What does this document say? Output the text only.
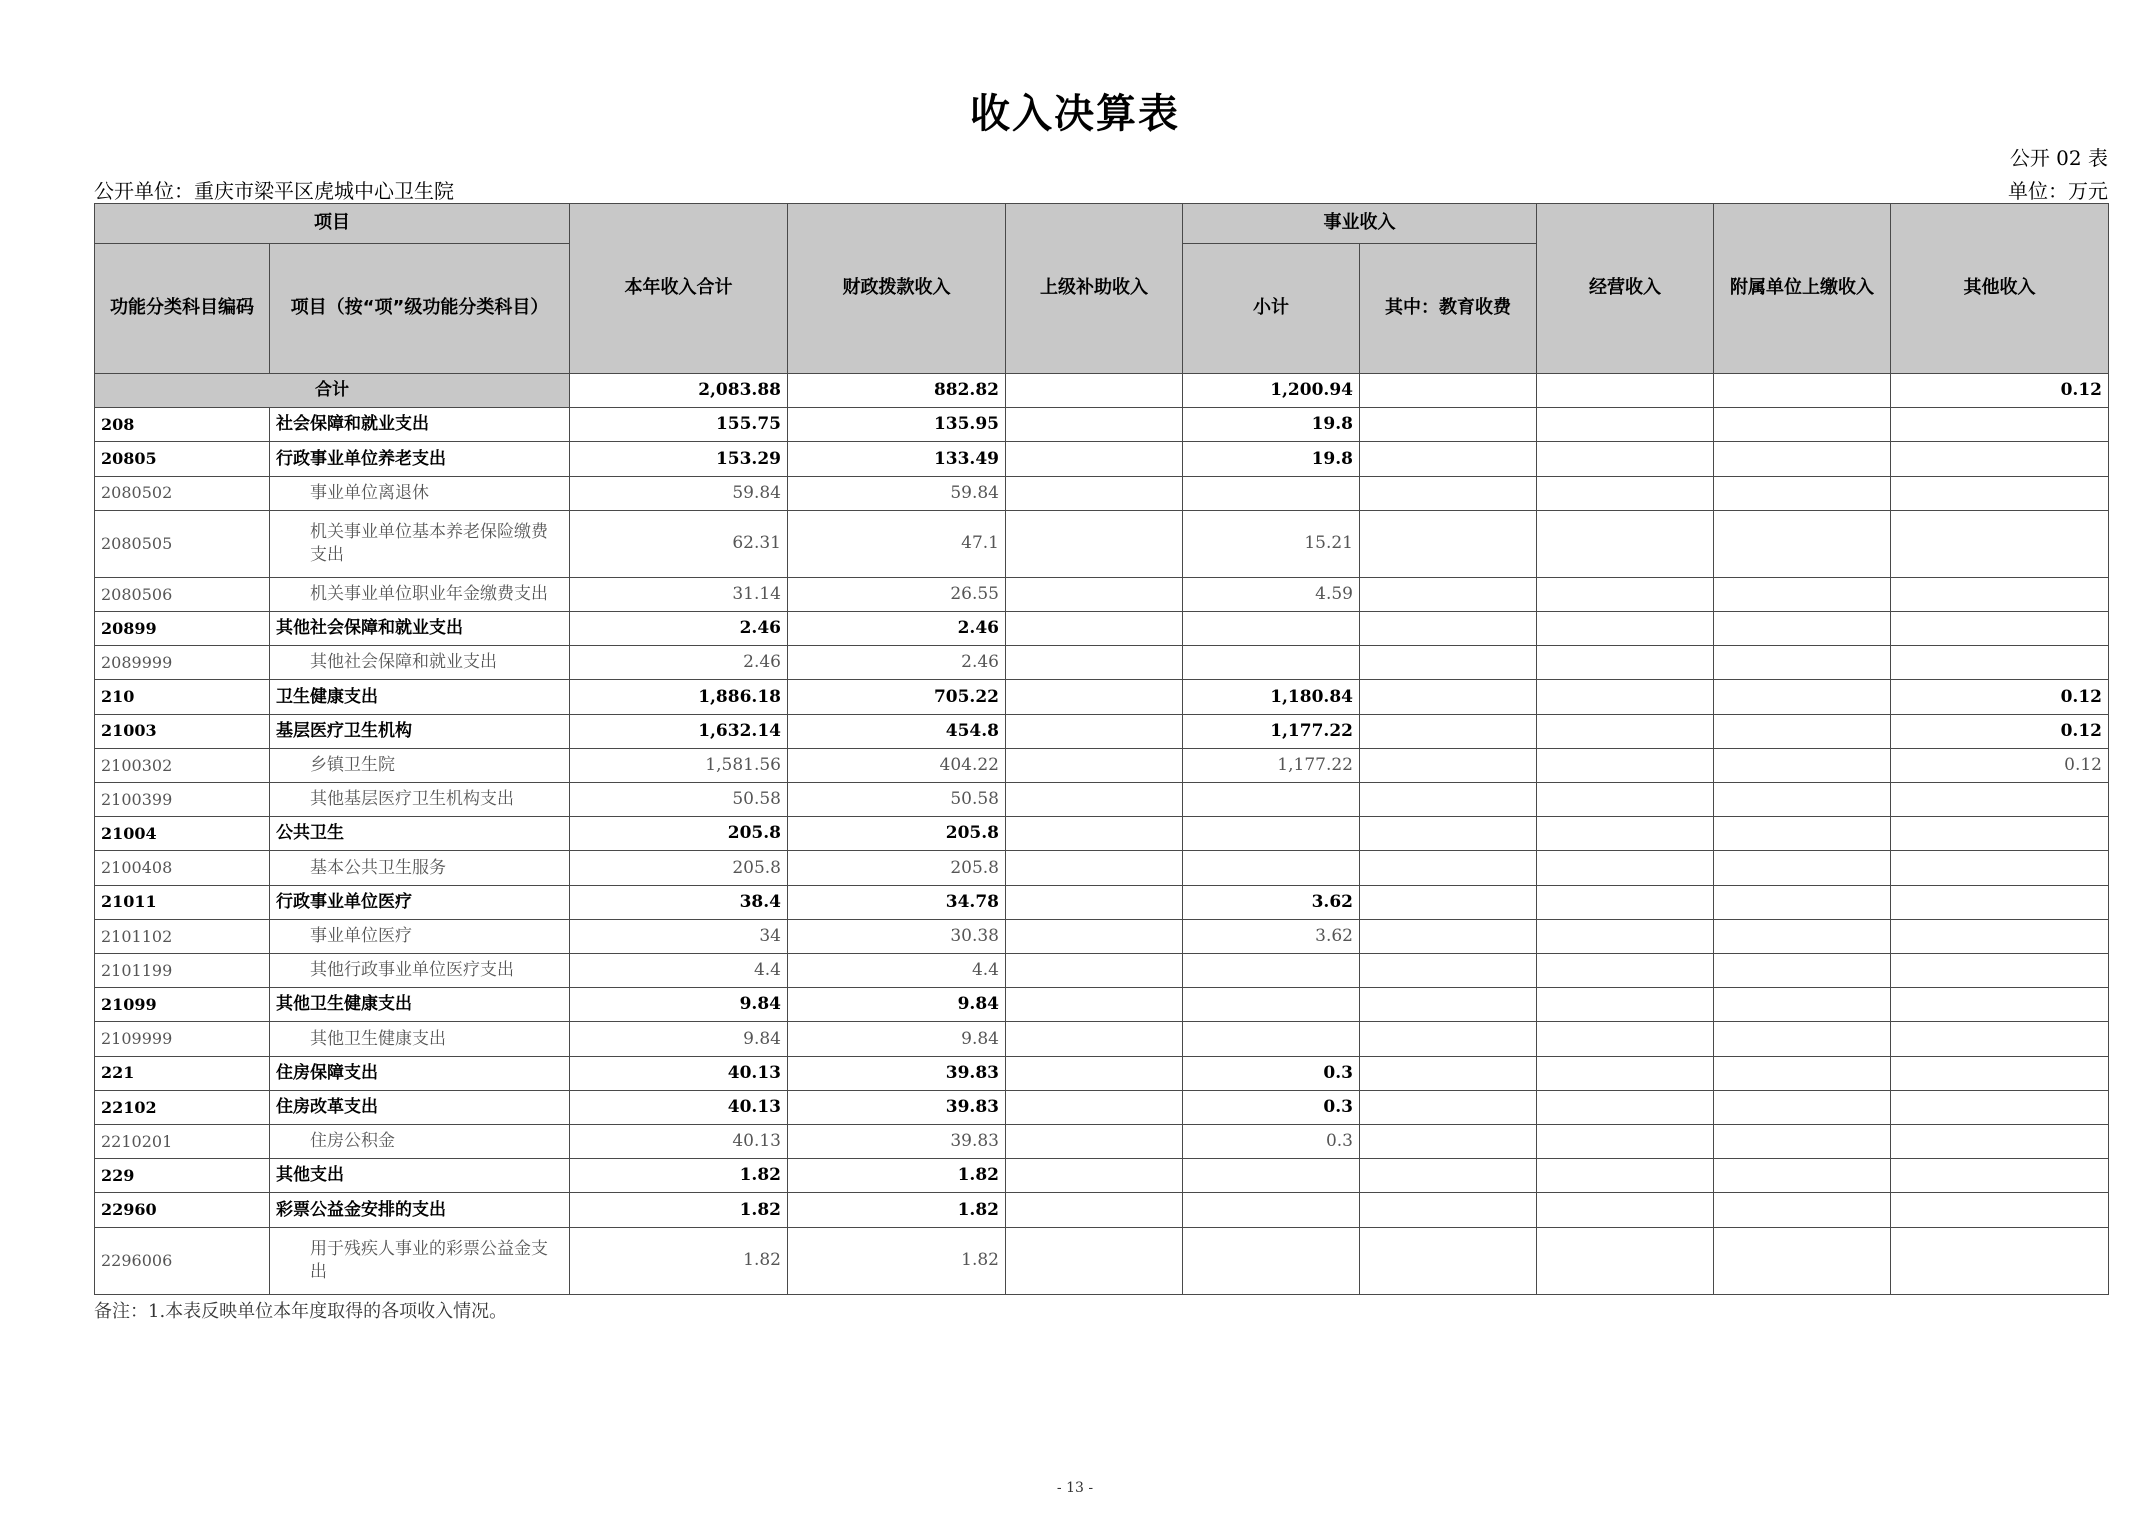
收入决算表
公开 02 表
公开单位：重庆市梁平区虎城中心卫生院	单位：万元
项目		本年收入合计	财政拨款收入	上级补助收入	事业收入		经营收入	附属单位上缴收入	其他收入
功能分类科目编码	项目（按“项”级功能分类科目）				小计	其中：教育收费			
合计		2,083.88	882.82		1,200.94				0.12
208	社会保障和就业支出	155.75	135.95		19.8				
20805	行政事业单位养老支出	153.29	133.49		19.8				
2080502	事业单位离退休	59.84	59.84						
2080505	机关事业单位基本养老保险缴费支出	62.31	47.1		15.21				
2080506	机关事业单位职业年金缴费支出	31.14	26.55		4.59				
20899	其他社会保障和就业支出	2.46	2.46						
2089999	其他社会保障和就业支出	2.46	2.46						
210	卫生健康支出	1,886.18	705.22		1,180.84				0.12
21003	基层医疗卫生机构	1,632.14	454.8		1,177.22				0.12
2100302	乡镇卫生院	1,581.56	404.22		1,177.22				0.12
2100399	其他基层医疗卫生机构支出	50.58	50.58						
21004	公共卫生	205.8	205.8						
2100408	基本公共卫生服务	205.8	205.8						
21011	行政事业单位医疗	38.4	34.78		3.62				
2101102	事业单位医疗	34	30.38		3.62				
2101199	其他行政事业单位医疗支出	4.4	4.4						
21099	其他卫生健康支出	9.84	9.84						
2109999	其他卫生健康支出	9.84	9.84						
221	住房保障支出	40.13	39.83		0.3				
22102	住房改革支出	40.13	39.83		0.3				
2210201	住房公积金	40.13	39.83		0.3				
229	其他支出	1.82	1.82						
22960	彩票公益金安排的支出	1.82	1.82						
2296006	用于残疾人事业的彩票公益金支出	1.82	1.82						
备注：1.本表反映单位本年度取得的各项收入情况。
- 13 -
